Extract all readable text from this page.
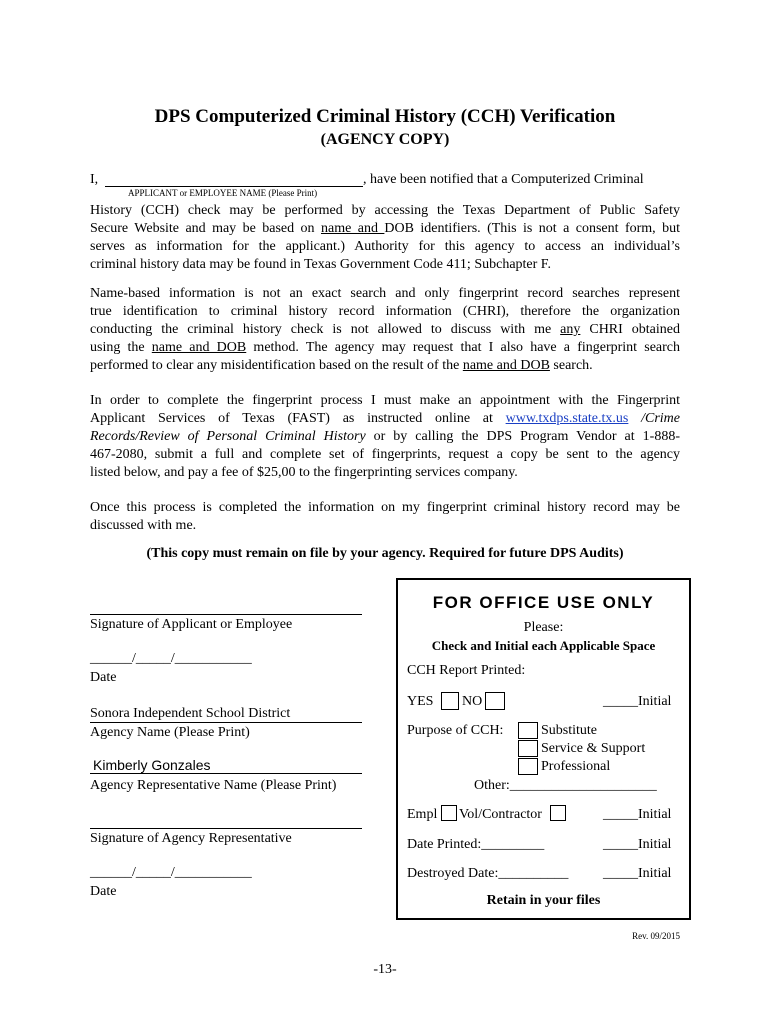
DPS Computerized Criminal History (CCH) Verification
(AGENCY COPY)
I,	, have been notified that a Computerized Criminal
APPLICANT or EMPLOYEE NAME (Please Print)
History (CCH) check may be performed by accessing the Texas Department of Public Safety
Secure Website and may be based on name and DOB identifiers. (This is not a consent form, but
serves as information for the applicant.) Authority for this agency to access an individual’s
criminal history data may be found in Texas Government Code 411; Subchapter F.
Name-based information is not an exact search and only fingerprint record searches represent
true identification to criminal history record information (CHRI), therefore the organization
conducting the criminal history check is not allowed to discuss with me any CHRI obtained
using the name and DOB method. The agency may request that I also have a fingerprint search
performed to clear any misidentification based on the result of the name and DOB search.
In order to complete the fingerprint process I must make an appointment with the Fingerprint
Applicant Services of Texas (FAST) as instructed online at www.txdps.state.tx.us /Crime
Records/Review of Personal Criminal History or by calling the DPS Program Vendor at 1-888-
467-2080, submit a full and complete set of fingerprints, request a copy be sent to the agency
listed below, and pay a fee of $25,00 to the fingerprinting services company.
Once this process is completed the information on my fingerprint criminal history record may be
discussed with me.
(This copy must remain on file by your agency. Required for future DPS Audits)
Signature of Applicant or Employee
______/_____/___________
Date
Sonora Independent School District
Agency Name (Please Print)
Kimberly Gonzales
Agency Representative Name (Please Print)
Signature of Agency Representative
______/_____/___________
Date
FOR OFFICE USE ONLY
Please:
Check and Initial each Applicable Space
CCH Report Printed:
YES NO	_____Initial
Purpose of CCH:	Substitute
Service & Support
Professional
Other:_____________________
Empl Vol/Contractor	_____Initial
Date Printed:_________	_____Initial
Destroyed Date:__________ _____Initial
Retain in your files
Rev. 09/2015
-13-
